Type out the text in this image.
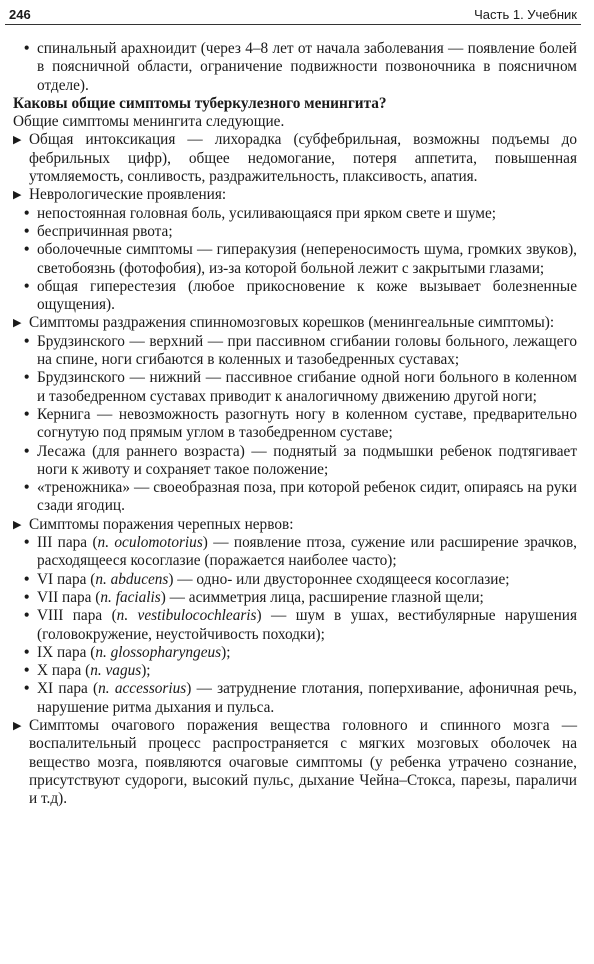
246	Часть 1. Учебник
• спинальный арахноидит (через 4–8 лет от начала заболевания — появление болей в поясничной области, ограничение подвижности позвоночника в поясничном отделе).

Каковы общие симптомы туберкулезного менингита?

Общие симптомы менингита следующие.

▶ Общая интоксикация — лихорадка (субфебрильная, возможны подъемы до фебрильных цифр), общее недомогание, потеря аппетита, повышенная утомляемость, сонливость, раздражительность, плаксивость, апатия.
▶ Неврологические проявления:
• непостоянная головная боль, усиливающаяся при ярком свете и шуме;
• беспричинная рвота;
• оболочечные симптомы — гиперакузия (непереносимость шума, громких звуков), светобоязнь (фотофобия), из-за которой больной лежит с закрытыми глазами;
• общая гиперестезия (любое прикосновение к коже вызывает болезненные ощущения).
▶ Симптомы раздражения спинномозговых корешков (менингеальные симптомы):
• Брудзинского — верхний — при пассивном сгибании головы больного, лежащего на спине, ноги сгибаются в коленных и тазобедренных суставах;
• Брудзинского — нижний — пассивное сгибание одной ноги больного в коленном и тазобедренном суставах приводит к аналогичному движению другой ноги;
• Кернига — невозможность разогнуть ногу в коленном суставе, предварительно согнутую под прямым углом в тазобедренном суставе;
• Лесажа (для раннего возраста) — поднятый за подмышки ребенок подтягивает ноги к животу и сохраняет такое положение;
• «треножника» — своеобразная поза, при которой ребенок сидит, опираясь на руки сзади ягодиц.
▶ Симптомы поражения черепных нервов:
• III пара (n. oculomotorius) — появление птоза, сужение или расширение зрачков, расходящееся косоглазие (поражается наиболее часто);
• VI пара (n. abducens) — одно- или двустороннее сходящееся косоглазие;
• VII пара (n. facialis) — асимметрия лица, расширение глазной щели;
• VIII пара (n. vestibulocochlearis) — шум в ушах, вестибулярные нарушения (головокружение, неустойчивость походки);
• IX пара (n. glossopharyngeus);
• X пара (n. vagus);
• XI пара (n. accessorius) — затруднение глотания, поперхивание, афоничная речь, нарушение ритма дыхания и пульса.
▶ Симптомы очагового поражения вещества головного и спинного мозга — воспалительный процесс распространяется с мягких мозговых оболочек на вещество мозга, появляются очаговые симптомы (у ребенка утрачено сознание, присутствуют судороги, высокий пульс, дыхание Чейна–Стокса, парезы, параличи и т.д).
